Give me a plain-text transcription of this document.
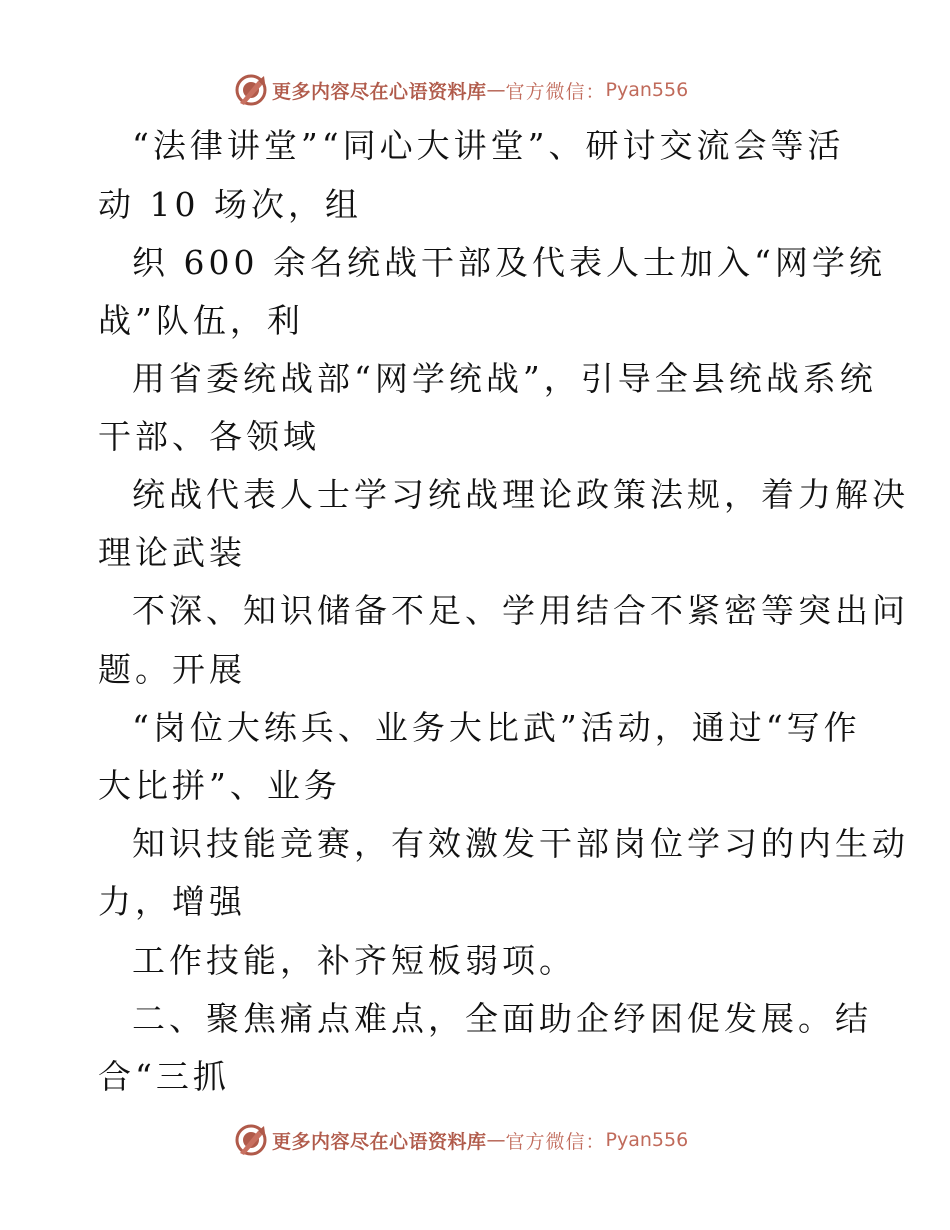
更多内容尽在心语资料库 — 官方微信： Pyan556
“法律讲堂”“同心大讲堂”、研讨交流会等活
动 10 场次，组
织 600 余名统战干部及代表人士加入“网学统
战”队伍，利
用省委统战部“网学统战”，引导全县统战系统
干部、各领域
统战代表人士学习统战理论政策法规，着力解决
理论武装
不深、知识储备不足、学用结合不紧密等突出问
题。开展
“岗位大练兵、业务大比武”活动，通过“写作
大比拼”、业务
知识技能竞赛，有效激发干部岗位学习的内生动
力，增强
工作技能，补齐短板弱项。
二、聚焦痛点难点，全面助企纾困促发展。结
合“三抓
更多内容尽在心语资料库 — 官方微信： Pyan556
